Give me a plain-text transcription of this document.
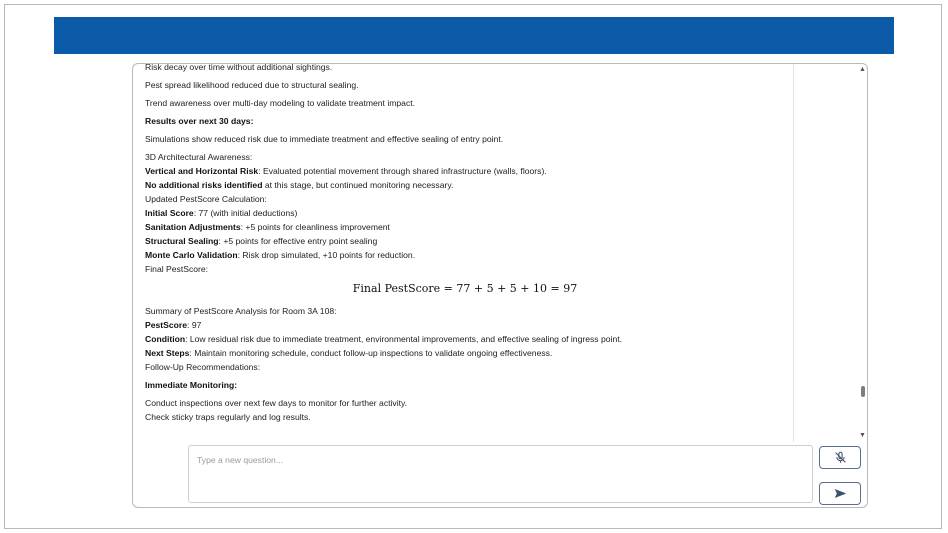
Risk decay over time without additional sightings.

Pest spread likelihood reduced due to structural sealing.

Trend awareness over multi-day modeling to validate treatment impact.

Results over next 30 days:

Simulations show reduced risk due to immediate treatment and effective sealing of entry point.

3D Architectural Awareness:

Vertical and Horizontal Risk: Evaluated potential movement through shared infrastructure (walls, floors).

No additional risks identified at this stage, but continued monitoring necessary.

Updated PestScore Calculation:

Initial Score: 77 (with initial deductions)

Sanitation Adjustments: +5 points for cleanliness improvement

Structural Sealing: +5 points for effective entry point sealing

Monte Carlo Validation: Risk drop simulated, +10 points for reduction.

Final PestScore:

Final PestScore = 77 + 5 + 5 + 10 = 97

Summary of PestScore Analysis for Room 3A 108:

PestScore: 97

Condition: Low residual risk due to immediate treatment, environmental improvements, and effective sealing of ingress point.

Next Steps: Maintain monitoring schedule, conduct follow-up inspections to validate ongoing effectiveness.

Follow-Up Recommendations:

Immediate Monitoring:

Conduct inspections over next few days to monitor for further activity.

Check sticky traps regularly and log results.

▲
▼
Type a new question...
